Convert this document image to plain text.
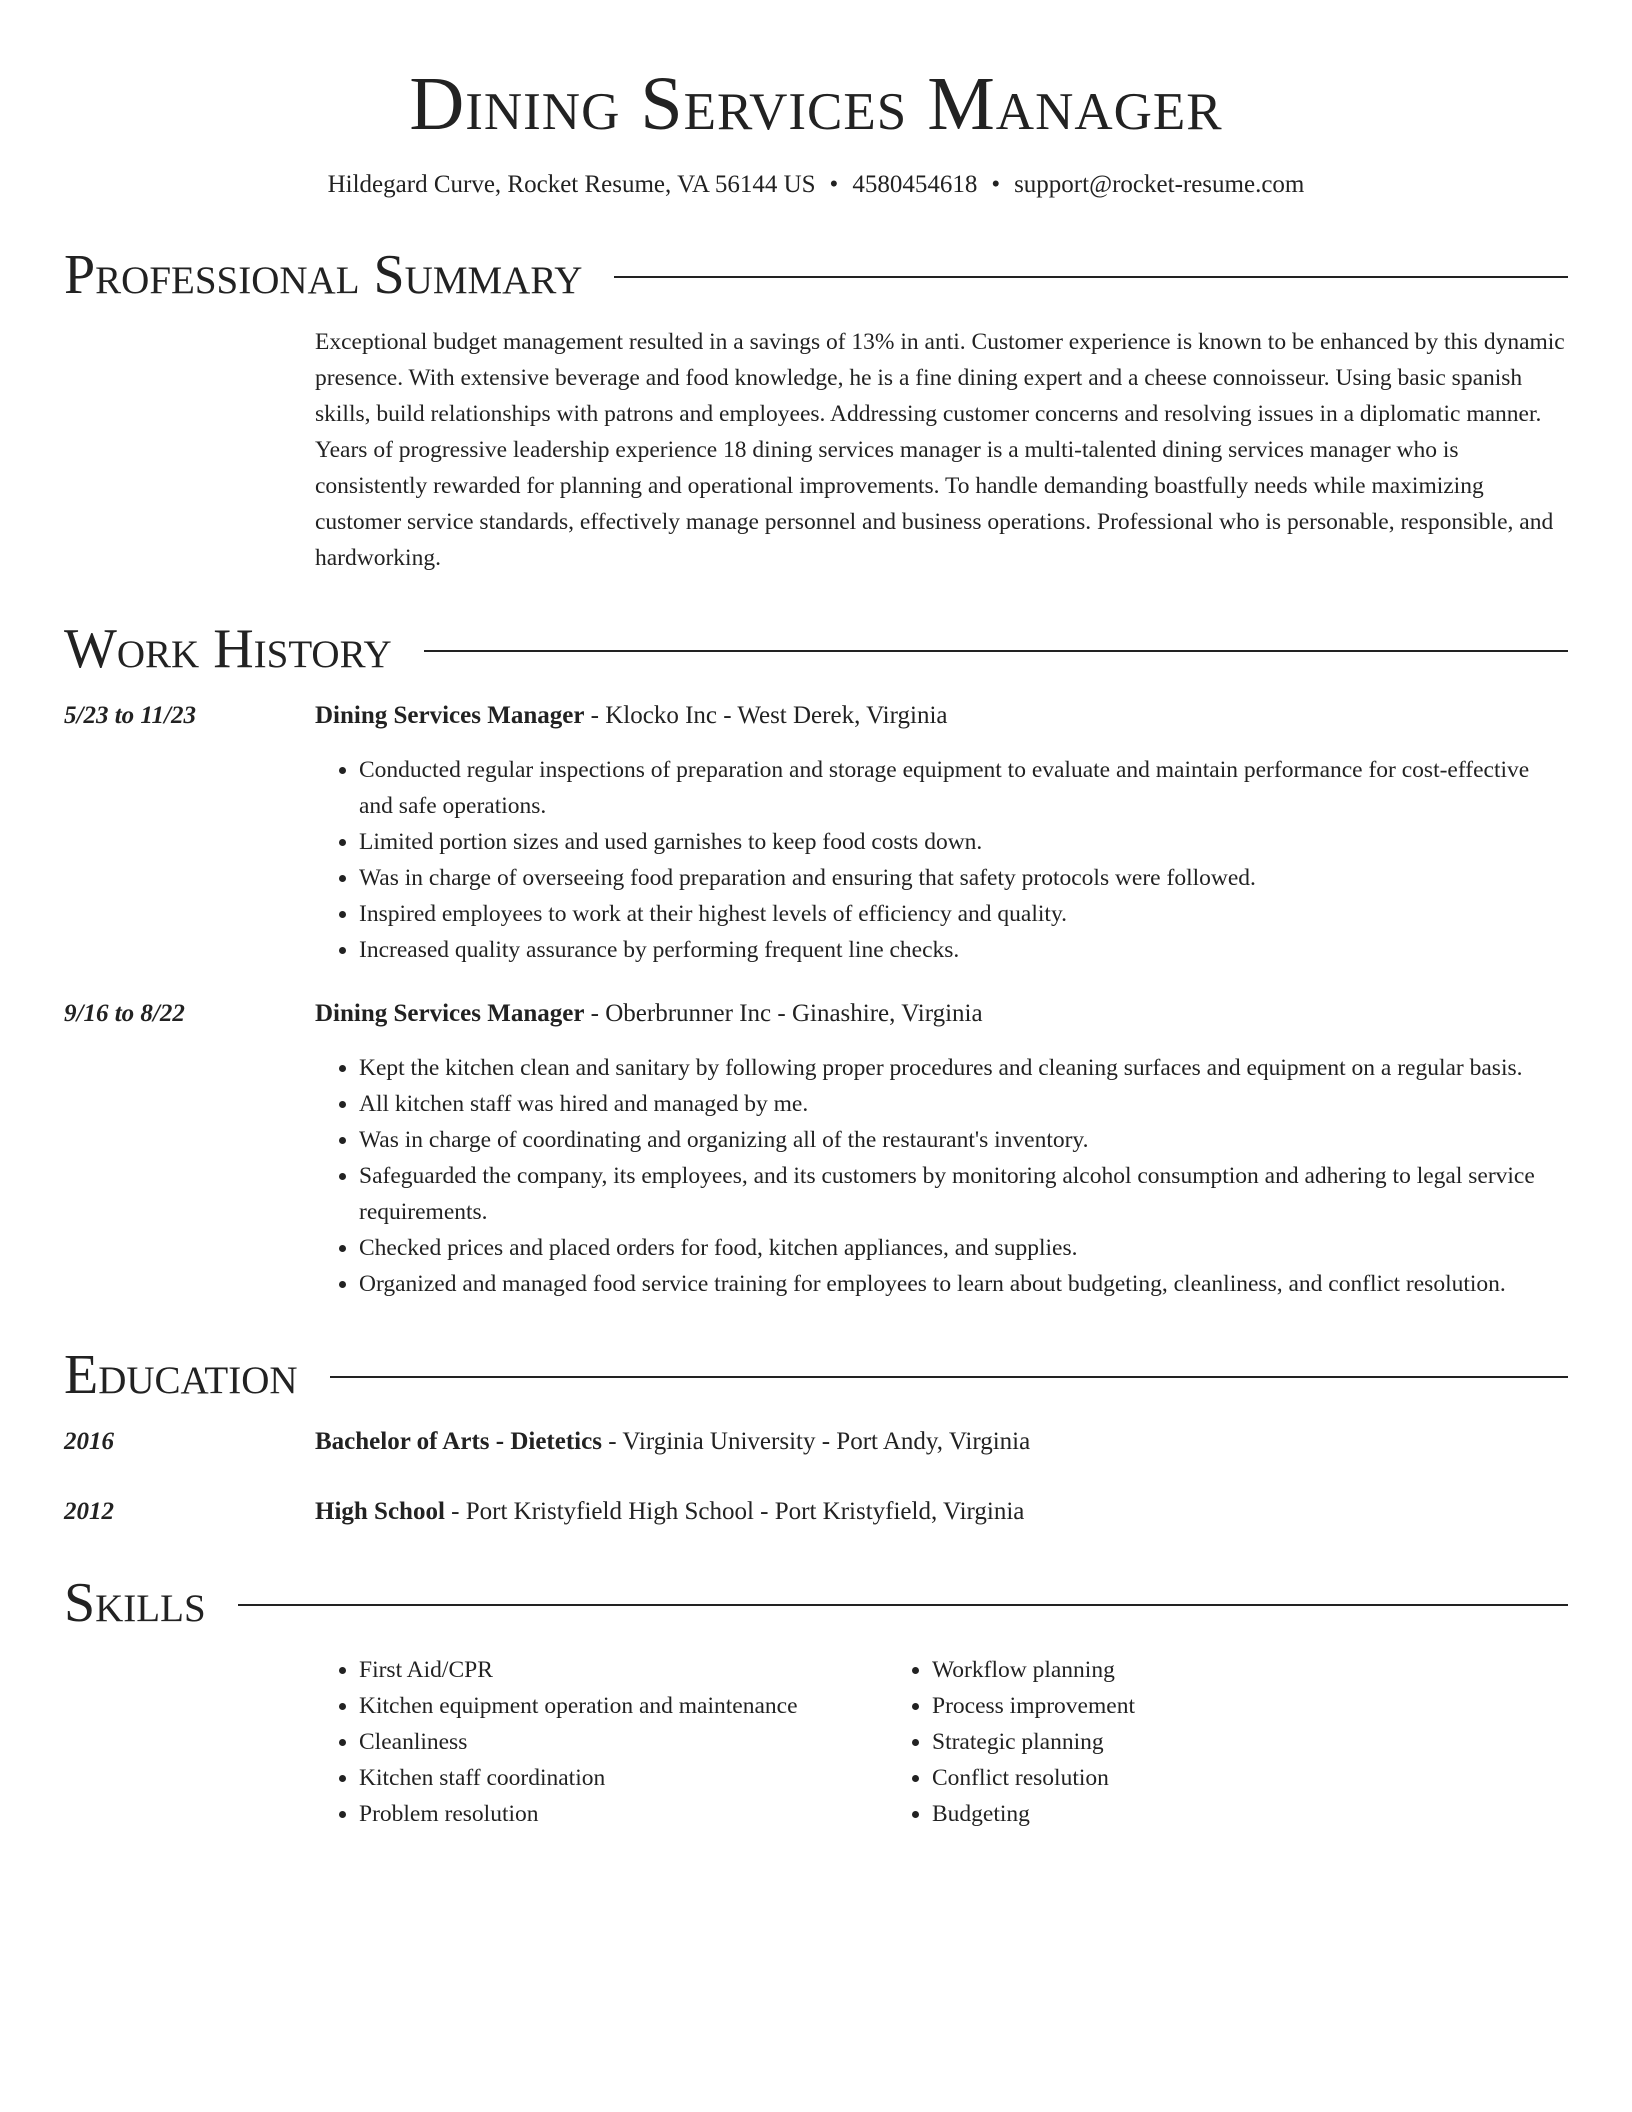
Dining Services Manager
Hildegard Curve, Rocket Resume, VA 56144 US • 4580454618 • support@rocket-resume.com
Professional Summary
Exceptional budget management resulted in a savings of 13% in anti. Customer experience is known to be enhanced by this dynamic presence. With extensive beverage and food knowledge, he is a fine dining expert and a cheese connoisseur. Using basic spanish skills, build relationships with patrons and employees. Addressing customer concerns and resolving issues in a diplomatic manner. Years of progressive leadership experience 18 dining services manager is a multi-talented dining services manager who is consistently rewarded for planning and operational improvements. To handle demanding boastfully needs while maximizing customer service standards, effectively manage personnel and business operations. Professional who is personable, responsible, and hardworking.
Work History
5/23 to 11/23	Dining Services Manager - Klocko Inc - West Derek, Virginia
• Conducted regular inspections of preparation and storage equipment to evaluate and maintain performance for cost-effective and safe operations.
• Limited portion sizes and used garnishes to keep food costs down.
• Was in charge of overseeing food preparation and ensuring that safety protocols were followed.
• Inspired employees to work at their highest levels of efficiency and quality.
• Increased quality assurance by performing frequent line checks.
9/16 to 8/22	Dining Services Manager - Oberbrunner Inc - Ginashire, Virginia
• Kept the kitchen clean and sanitary by following proper procedures and cleaning surfaces and equipment on a regular basis.
• All kitchen staff was hired and managed by me.
• Was in charge of coordinating and organizing all of the restaurant's inventory.
• Safeguarded the company, its employees, and its customers by monitoring alcohol consumption and adhering to legal service requirements.
• Checked prices and placed orders for food, kitchen appliances, and supplies.
• Organized and managed food service training for employees to learn about budgeting, cleanliness, and conflict resolution.
Education
2016	Bachelor of Arts - Dietetics - Virginia University - Port Andy, Virginia
2012	High School - Port Kristyfield High School - Port Kristyfield, Virginia
Skills
• First Aid/CPR
• Kitchen equipment operation and maintenance
• Cleanliness
• Kitchen staff coordination
• Problem resolution
• Workflow planning
• Process improvement
• Strategic planning
• Conflict resolution
• Budgeting
